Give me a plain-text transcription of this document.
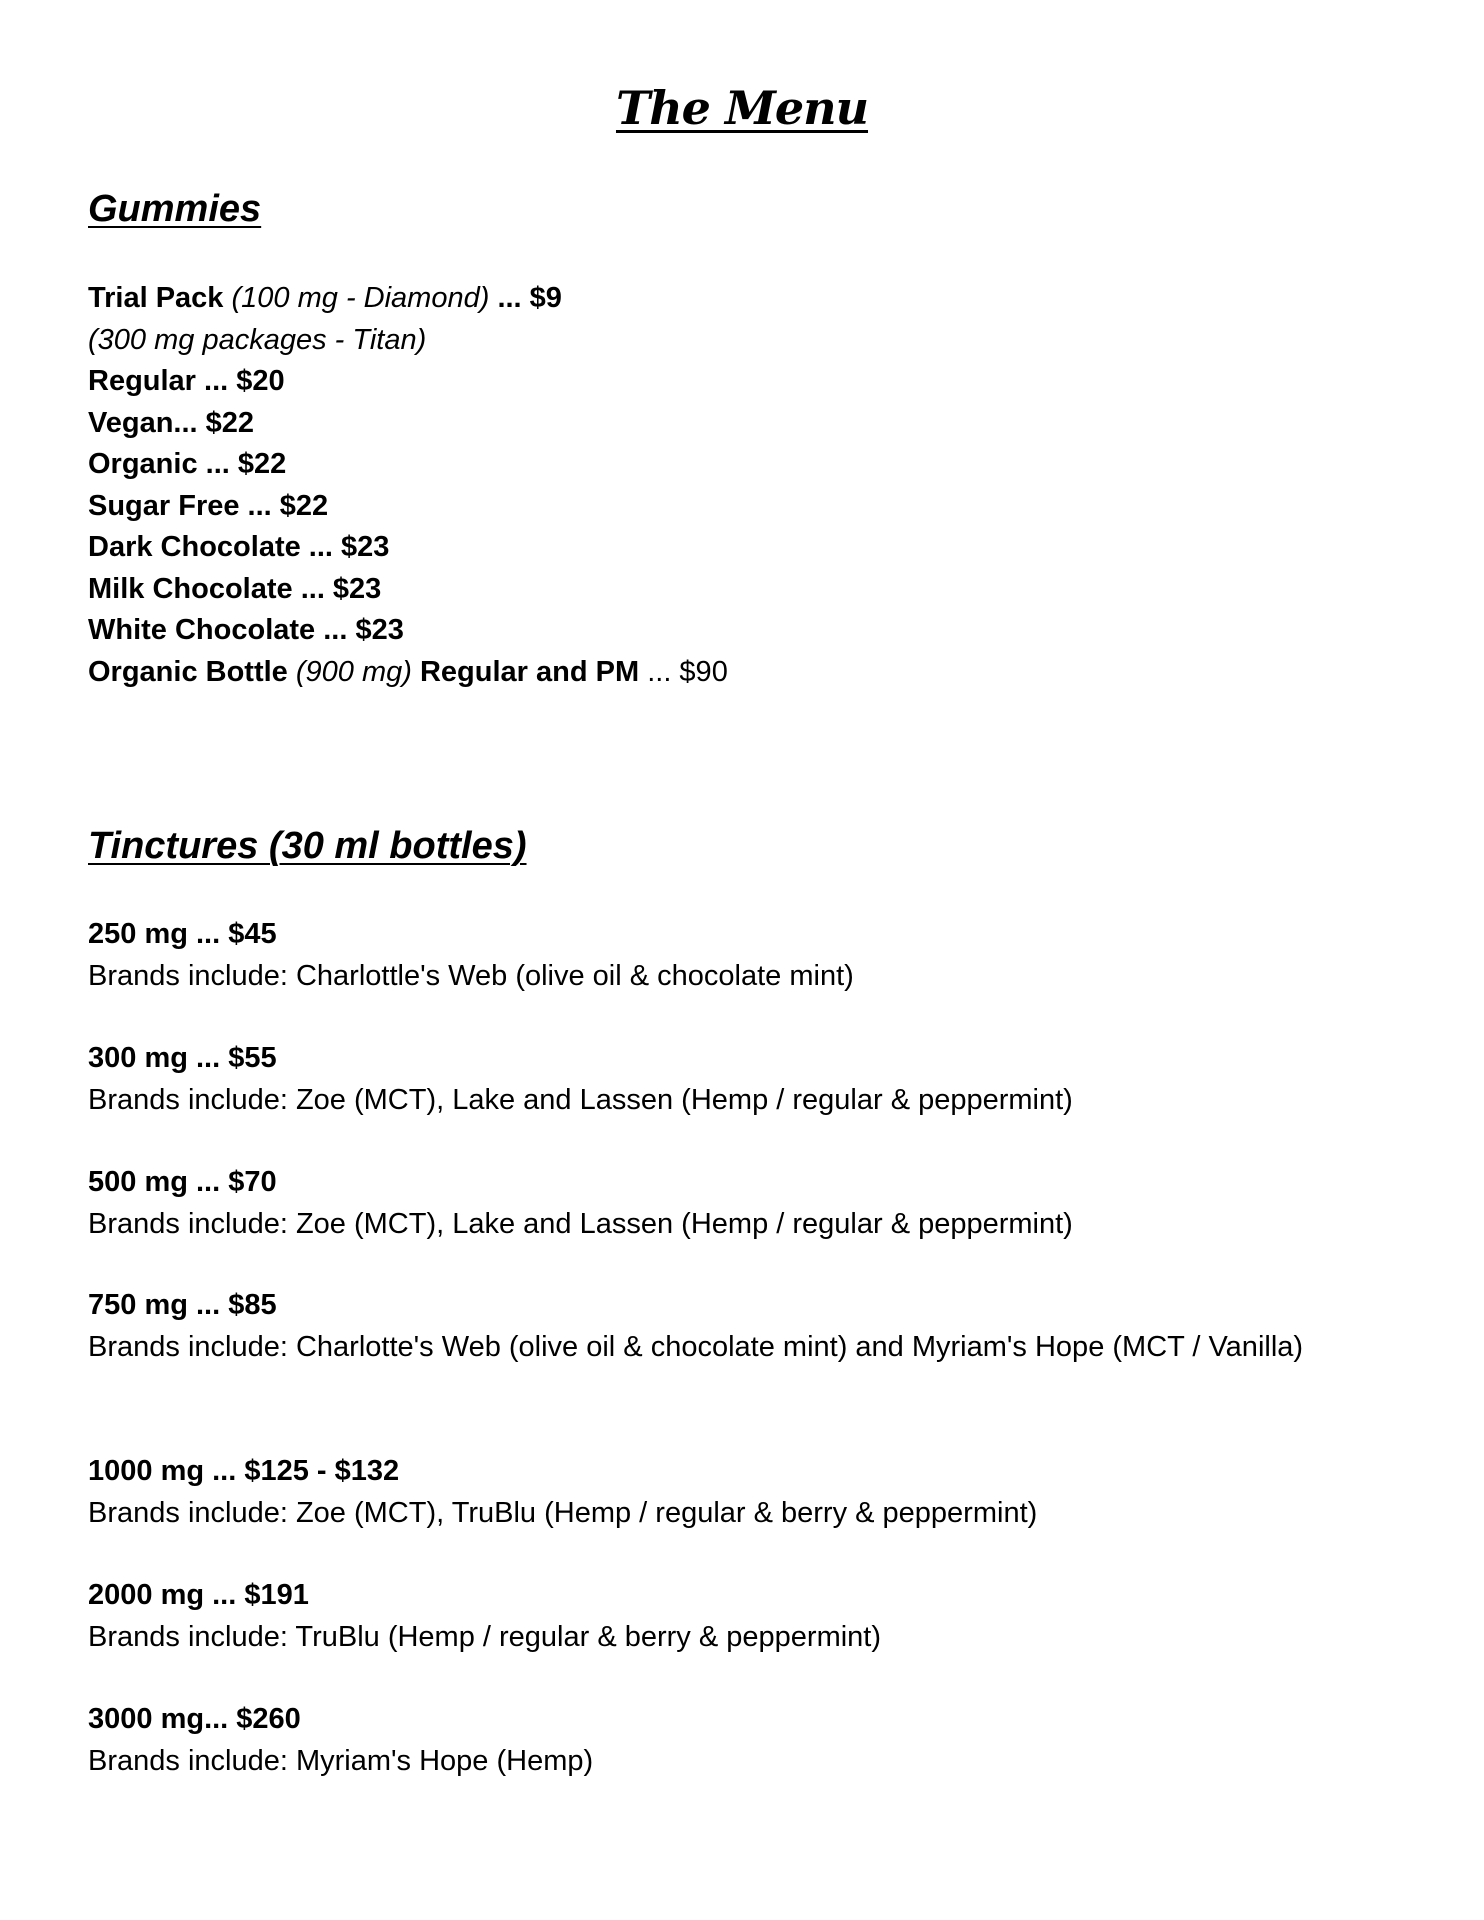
The Menu
Gummies
Trial Pack (100 mg - Diamond) ... $9
(300 mg packages - Titan)
Regular ... $20
Vegan... $22
Organic ... $22
Sugar Free ... $22
Dark Chocolate ... $23
Milk Chocolate ... $23
White Chocolate ... $23
Organic Bottle (900 mg) Regular and PM ... $90
Tinctures (30 ml bottles)
250 mg ... $45
Brands include: Charlottle's Web (olive oil & chocolate mint)
300 mg ... $55
Brands include: Zoe (MCT), Lake and Lassen (Hemp / regular & peppermint)
500 mg ... $70
Brands include: Zoe (MCT), Lake and Lassen (Hemp / regular & peppermint)
750 mg ... $85
Brands include: Charlotte's Web (olive oil & chocolate mint) and Myriam's Hope (MCT / Vanilla)
1000 mg ... $125 - $132
Brands include: Zoe (MCT), TruBlu (Hemp / regular & berry & peppermint)
2000 mg ... $191
Brands include: TruBlu (Hemp / regular & berry & peppermint)
3000 mg... $260
Brands include: Myriam's Hope (Hemp)
